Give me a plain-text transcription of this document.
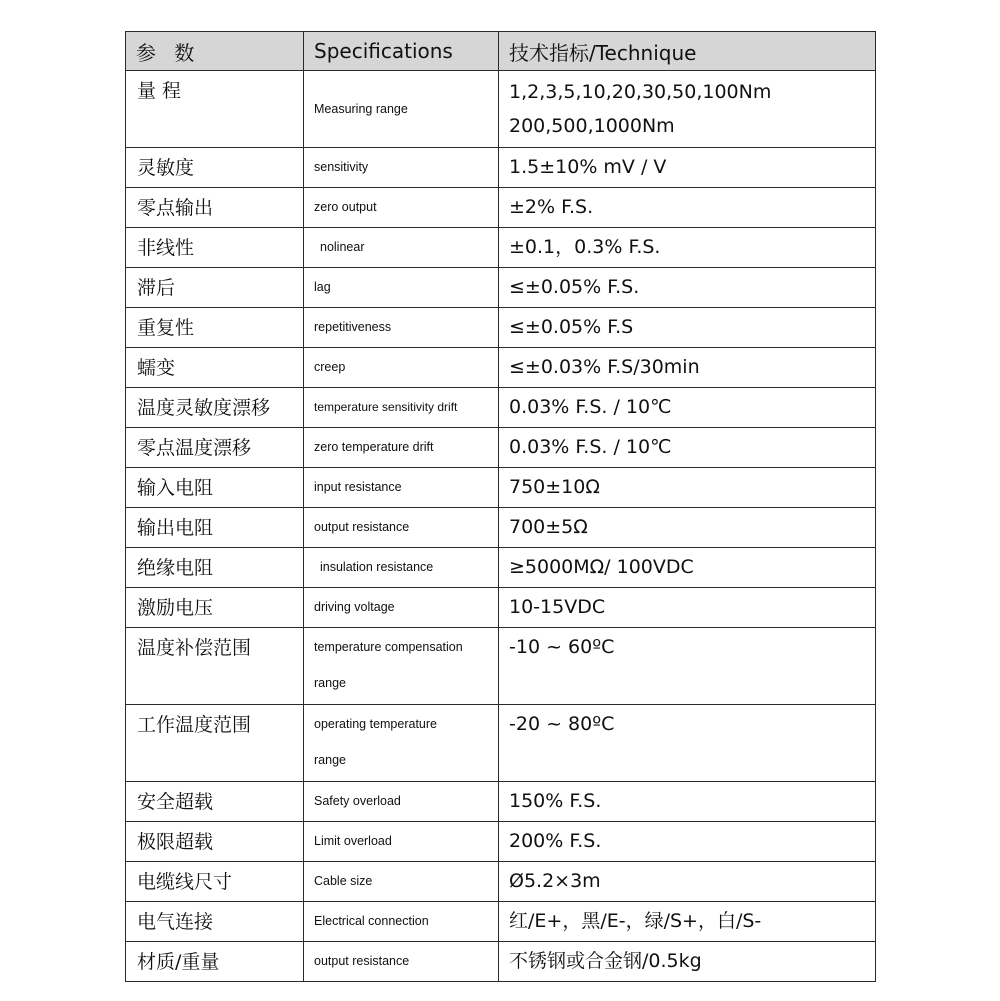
参 数	Specifications	技术指标/Technique

量 程	Measuring range	1,2,3,5,10,20,30,50,100Nm
200,500,1000Nm

灵敏度	sensitivity	1.5±10% mV / V

零点输出	zero output	±2% F.S.

非线性	nolinear	±0.1，0.3% F.S.

滞后	lag	≤±0.05% F.S.

重复性	repetitiveness	≤±0.05% F.S

蠕变	creep	≤±0.03% F.S/30min

温度灵敏度漂移	temperature sensitivity drift	0.03% F.S. / 10℃

零点温度漂移	zero temperature drift	0.03% F.S. / 10℃

输入电阻	input resistance	750±10Ω

输出电阻	output resistance	700±5Ω

绝缘电阻	insulation resistance	≥5000MΩ/ 100VDC

激励电压	driving voltage	10-15VDC

温度补偿范围	temperature compensation
range	-10 ~ 60ºC

工作温度范围	operating temperature
range	-20 ~ 80ºC

安全超载	Safety overload	150% F.S.

极限超载	Limit overload	200% F.S.

电缆线尺寸	Cable size	Ø5.2×3m

电气连接	Electrical connection	红/E+，黑/E-，绿/S+，白/S-

材质/重量	output resistance	不锈钢或合金钢/0.5kg
